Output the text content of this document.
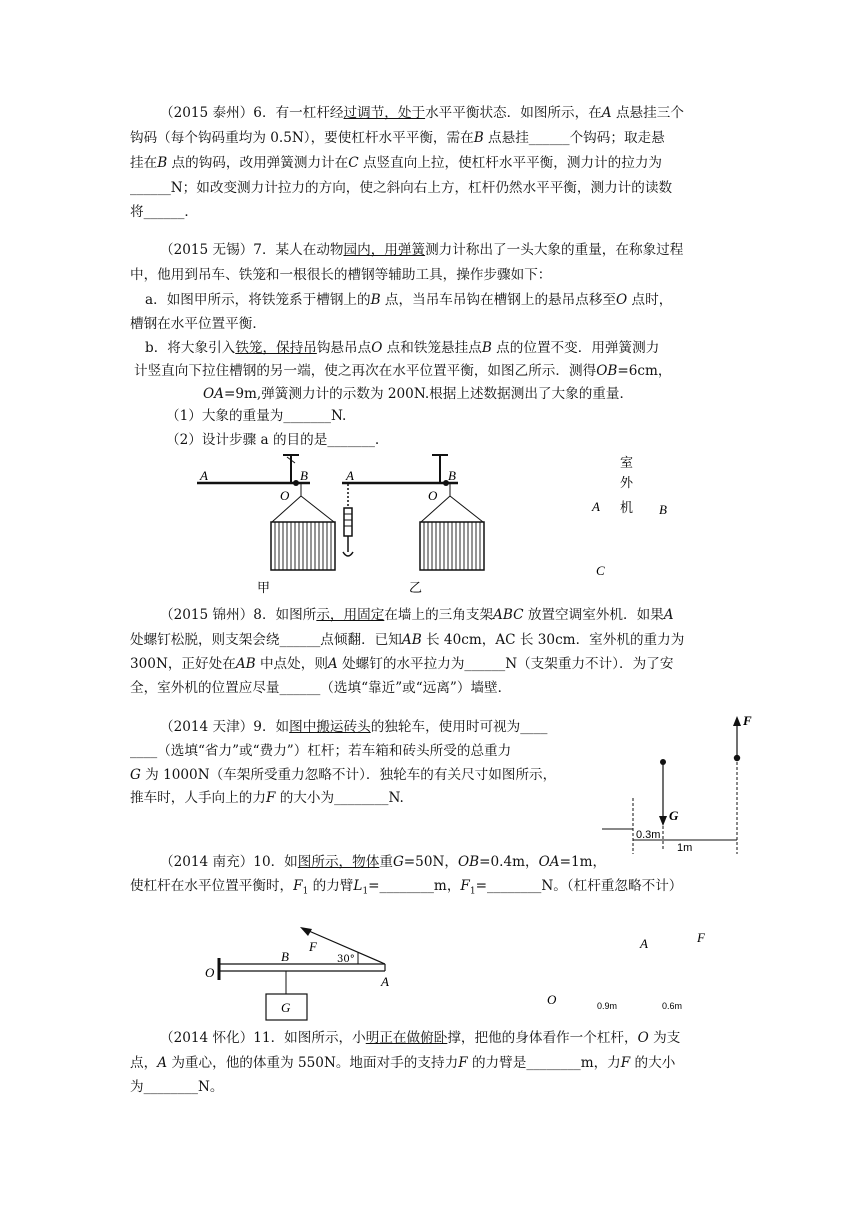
（2015 泰州）6．有一杠杆经过调节，处于水平平衡状态．如图所示，在A 点悬挂三个
钩码（每个钩码重均为 0.5N），要使杠杆水平平衡，需在B 点悬挂______个钩码；取走悬
挂在B 点的钩码，改用弹簧测力计在C 点竖直向上拉，使杠杆水平平衡，测力计的拉力为
______N；如改变测力计拉力的方向，使之斜向右上方，杠杆仍然水平平衡，测力计的读数
将______．
（2015 无锡）7．某人在动物园内，用弹簧测力计称出了一头大象的重量，在称象过程
中，他用到吊车、铁笼和一根很长的槽钢等辅助工具，操作步骤如下：
a．如图甲所示，将铁笼系于槽钢上的B 点，当吊车吊钩在槽钢上的悬吊点移至O 点时，
槽钢在水平位置平衡．
b．将大象引入铁笼，保持吊钩悬吊点O 点和铁笼悬挂点B 点的位置不变．用弹簧测力
计竖直向下拉住槽钢的另一端，使之再次在水平位置平衡，如图乙所示．测得OB=6cm，
OA=9m,弹簧测力计的示数为 200N.根据上述数据测出了大象的重量．
（1）大象的重量为_______N.
（2）设计步骤 a 的目的是_______.
A	B
O
甲
A	B
O
乙
室
外
机
A	B
C
（2015 锦州）8．如图所示，用固定在墙上的三角支架ABC 放置空调室外机．如果A
处螺钉松脱，则支架会绕______点倾翻．已知AB 长 40cm，AC 长 30cm．室外机的重力为
300N，正好处在AB 中点处，则A 处螺钉的水平拉力为______N（支架重力不计）．为了安
全，室外机的位置应尽量______（选填“靠近”或“远离”）墙壁．
（2014 天津）9．如图中搬运砖头的独轮车，使用时可视为____
____（选填“省力”或“费力”）杠杆；若车箱和砖头所受的总重力
G 为 1000N（车架所受重力忽略不计）．独轮车的有关尺寸如图所示，
推车时，人手向上的力F 的大小为________N.
F
G
0.3m
1m
（2014 南充）10．如图所示，物体重G=50N，OB=0.4m，OA=1m，
使杠杆在水平位置平衡时，$F_1$ 的力臂$L_1=\_\_\_\_\_\_\_\_m$，$F_1=\_\_\_\_\_\_\_\_N$。（杠杆重忽略不计）
O
B
A
F
30°
G
A	F
O	0.9m	0.6m
（2014 怀化）11．如图所示，小明正在做俯卧撑，把他的身体看作一个杠杆，O 为支
点，A 为重心，他的体重为 550N。地面对手的支持力F 的力臂是________m，力F 的大小
为________N。
